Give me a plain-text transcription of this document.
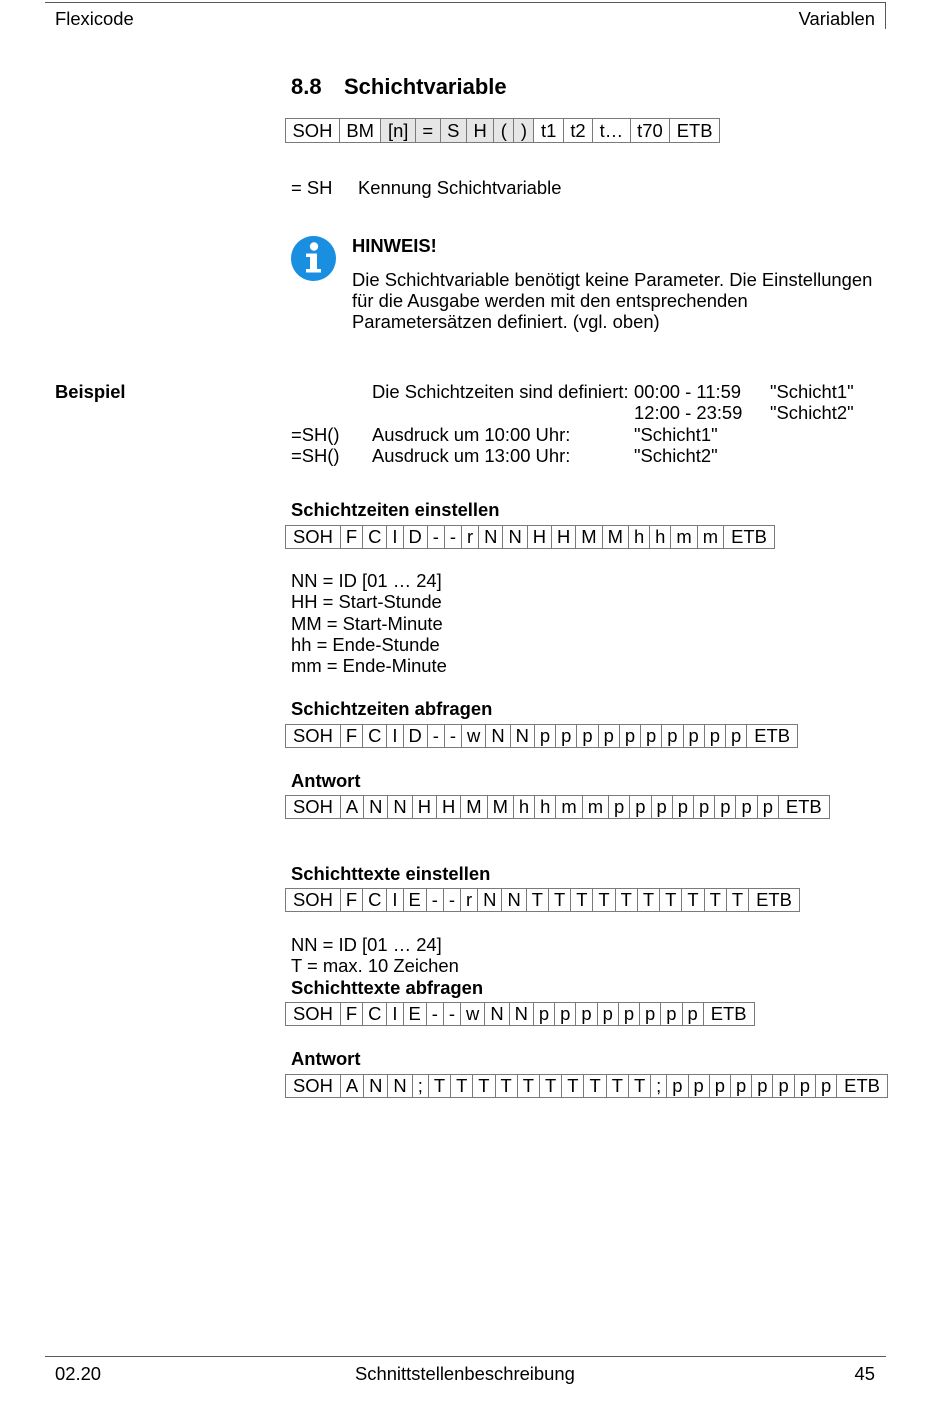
Flexicode	Variablen
8.8 Schichtvariable
SOH BM [n] = S H ( ) t1 t2 t… t70 ETB
= SH Kennung Schichtvariable
HINWEIS!
Die Schichtvariable benötigt keine Parameter. Die Einstellungen
für die Ausgabe werden mit den entsprechenden
Parametersätzen definiert. (vgl. oben)
Beispiel	Die Schichtzeiten sind definiert: 00:00 - 11:59 "Schicht1"
12:00 - 23:59 "Schicht2"
=SH() Ausdruck um 10:00 Uhr:	"Schicht1"
=SH() Ausdruck um 13:00 Uhr:	"Schicht2"
Schichtzeiten einstellen
SOH F C I D - - r N N H H M M h h m m ETB
NN = ID [01 … 24]
HH = Start-Stunde
MM = Start-Minute
hh = Ende-Stunde
mm = Ende-Minute
Schichtzeiten abfragen
SOH F C I D - - w N N p p p p p p p p p p ETB
Antwort
SOH A N N H H M M h h m m p p p p p p p p ETB
Schichttexte einstellen
SOH F C I E - - r N N T T T T T T T T T T ETB
NN = ID [01 … 24]
T = max. 10 Zeichen
Schichttexte abfragen
SOH F C I E - - w N N p p p p p p p p ETB
Antwort
SOH A N N ; T T T T T T T T T T ; p p p p p p p p ETB
02.20	Schnittstellenbeschreibung	45
